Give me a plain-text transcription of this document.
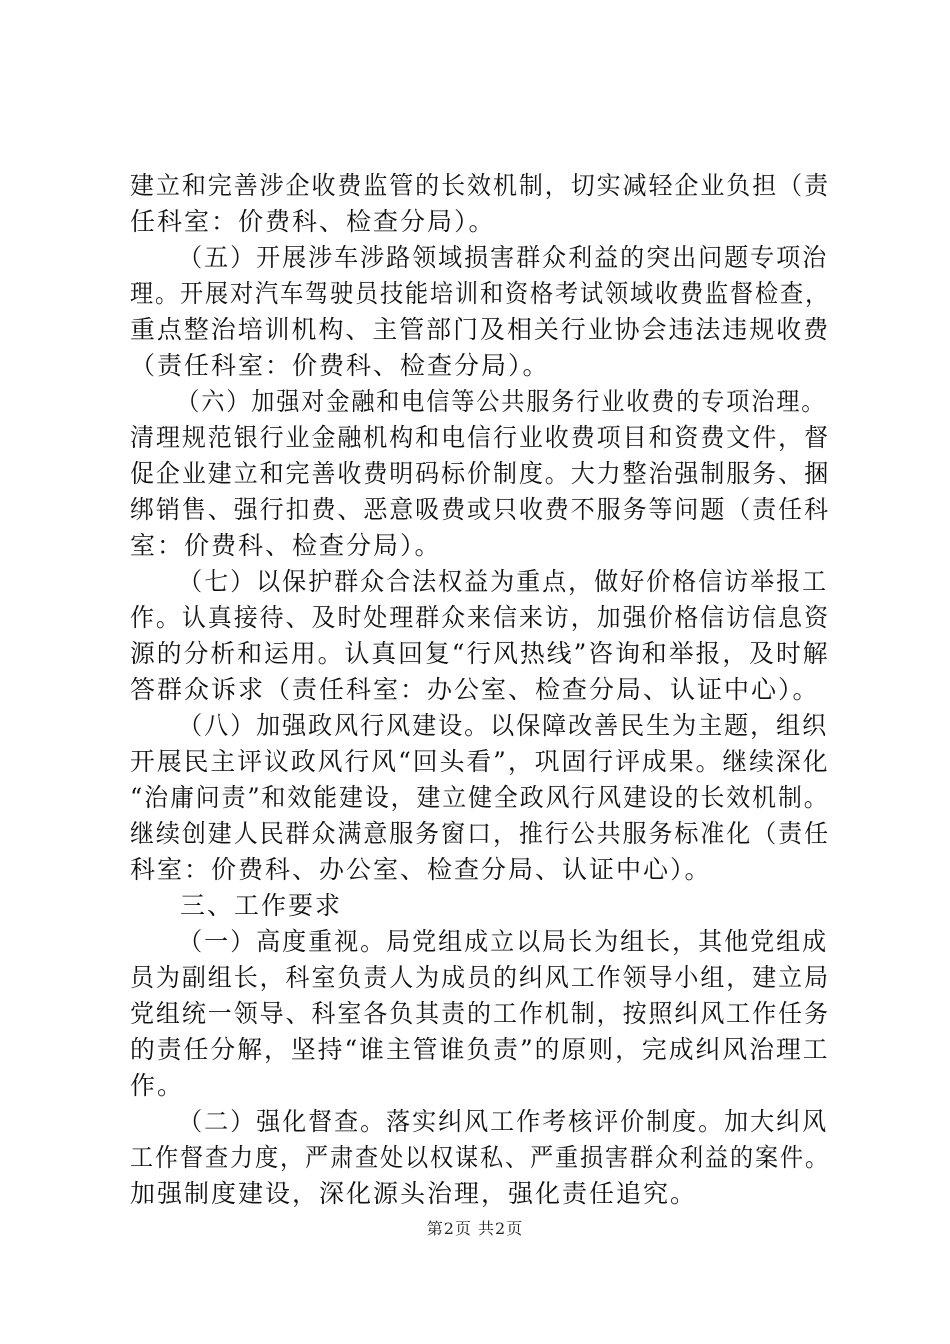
建立和完善涉企收费监管的长效机制，切实减轻企业负担（责
任科室：价费科、检查分局）。
（五）开展涉车涉路领域损害群众利益的突出问题专项治
理。开展对汽车驾驶员技能培训和资格考试领域收费监督检查，
重点整治培训机构、主管部门及相关行业协会违法违规收费
（责任科室：价费科、检查分局）。
（六）加强对金融和电信等公共服务行业收费的专项治理。
清理规范银行业金融机构和电信行业收费项目和资费文件，督
促企业建立和完善收费明码标价制度。大力整治强制服务、捆
绑销售、强行扣费、恶意吸费或只收费不服务等问题（责任科
室：价费科、检查分局）。
（七）以保护群众合法权益为重点，做好价格信访举报工
作。认真接待、及时处理群众来信来访，加强价格信访信息资
源的分析和运用。认真回复“行风热线”咨询和举报，及时解
答群众诉求（责任科室：办公室、检查分局、认证中心）。
（八）加强政风行风建设。以保障改善民生为主题，组织
开展民主评议政风行风“回头看”，巩固行评成果。继续深化
“治庸问责”和效能建设，建立健全政风行风建设的长效机制。
继续创建人民群众满意服务窗口，推行公共服务标准化（责任
科室：价费科、办公室、检查分局、认证中心）。
三、工作要求
（一）高度重视。局党组成立以局长为组长，其他党组成
员为副组长，科室负责人为成员的纠风工作领导小组，建立局
党组统一领导、科室各负其责的工作机制，按照纠风工作任务
的责任分解，坚持“谁主管谁负责”的原则，完成纠风治理工
作。
（二）强化督查。落实纠风工作考核评价制度。加大纠风
工作督查力度，严肃查处以权谋私、严重损害群众利益的案件。
加强制度建设，深化源头治理，强化责任追究。
第2页 共2页
